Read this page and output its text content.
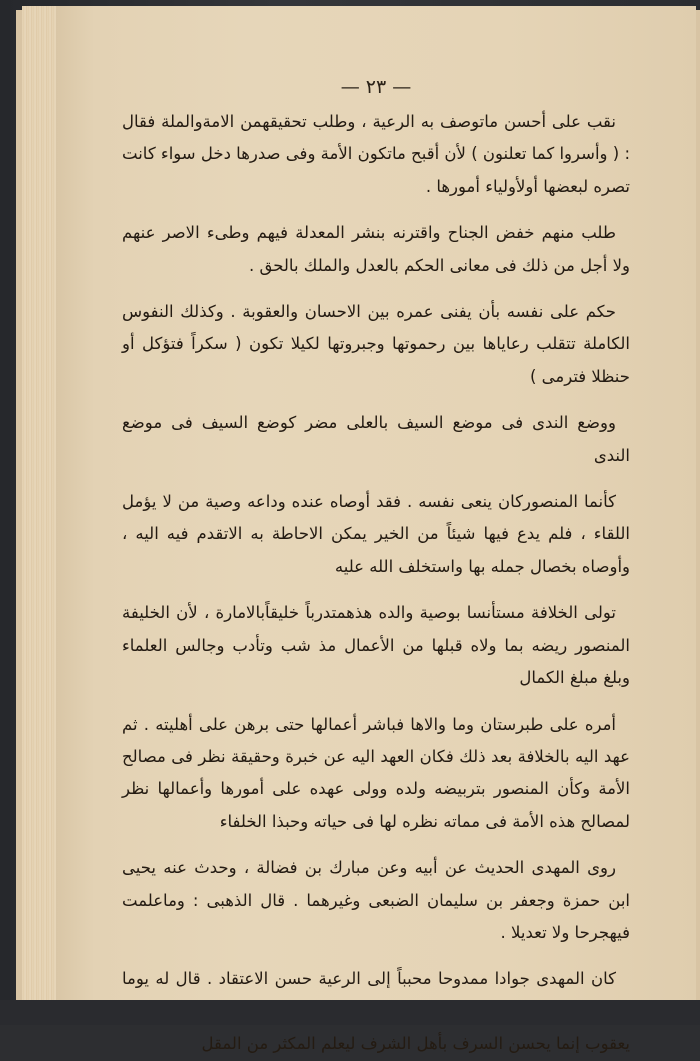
— ٢٣ —

نقب على أحسن ماتوصف به الرعية ، وطلب تحقيقهمن الامةوالملة فقال : ( وأسروا كما تعلنون ) لأن أقبح ماتكون الأمة وفى صدرها دخل سواء كانت تصره لبعضها أولأولياء أمورها .

طلب منهم خفض الجناح واقترنه بنشر المعدلة فيهم وطىء الاصر عنهم ولا أجل من ذلك فى معانى الحكم بالعدل والملك بالحق .

حكم على نفسه بأن يفنى عمره بين الاحسان والعقوبة . وكذلك النفوس الكاملة تتقلب رعاياها بين رحموتها وجبروتها لكيلا تكون ( سكراً فتؤكل أو حنظلا فترمى )

ووضع الندى فى موضع السيف بالعلى مضر كوضع السيف فى موضع الندى

كأنما المنصوركان ينعى نفسه . فقد أوصاه عنده وداعه وصية من لا يؤمل اللقاء ، فلم يدع فيها شيئاً من الخير يمكن الاحاطة به الاتقدم فيه اليه ، وأوصاه بخصال جمله بها واستخلف الله عليه

تولى الخلافة مستأنسا بوصية والده هذهمتدرباً خليقاًبالامارة ، لأن الخليفة المنصور ريضه بما ولاه قبلها من الأعمال مذ شب وتأدب وجالس العلماء وبلغ مبلغ الكمال

أمره على طبرستان وما والاها فباشر أعمالها حتى برهن على أهليته . ثم عهد اليه بالخلافة بعد ذلك فكان العهد اليه عن خبرة وحقيقة نظر فى مصالح الأمة وكأن المنصور بتربيضه ولده وولى عهده على أمورها وأعمالها نظر لمصالح هذه الأمة فى مماته نظره لها فى حياته وحبذا الخلفاء

روى المهدى الحديث عن أبيه وعن مبارك بن فضالة ، وحدث عنه يحيى ابن حمزة وجعفر بن سليمان الضبعى وغيرهما . قال الذهبى : وماعلمت فيهجرحا ولا تعديلا .

كان المهدى جوادا ممدوحا محبباً إلى الرعية حسن الاعتقاد . قال له يوما يعقوب إنما يحسن السرف بأهل الشرف ليعلم المكثر من المقل
